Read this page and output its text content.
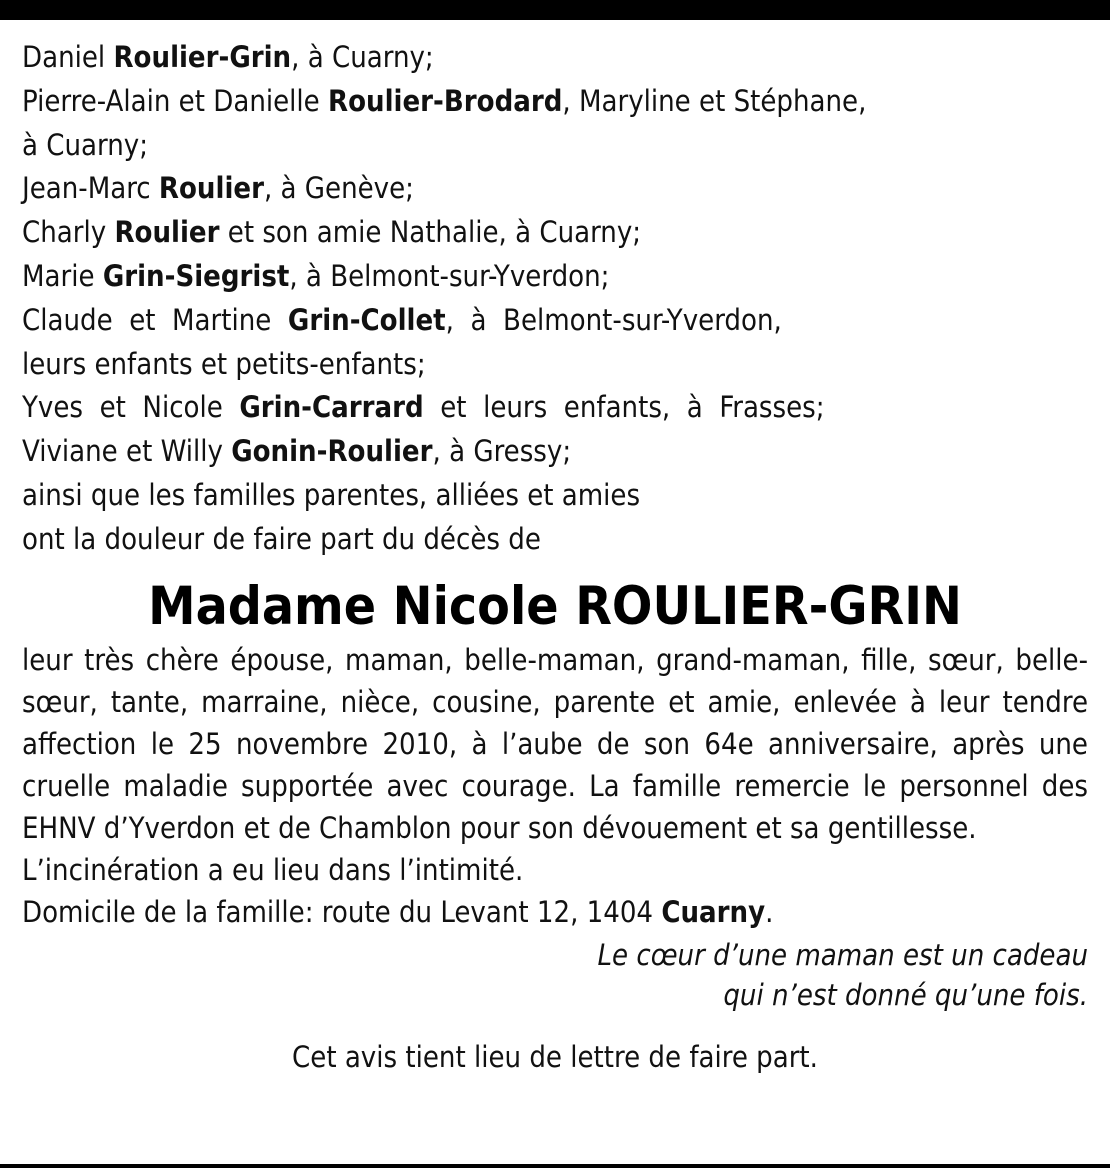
Daniel Roulier-Grin, à Cuarny;
Pierre-Alain et Danielle Roulier-Brodard, Maryline et Stéphane,
à Cuarny;
Jean-Marc Roulier, à Genève;
Charly Roulier et son amie Nathalie, à Cuarny;
Marie Grin-Siegrist, à Belmont-sur-Yverdon;
Claude  et  Martine  Grin-Collet,  à  Belmont-sur-Yverdon,
leurs enfants et petits-enfants;
Yves  et  Nicole  Grin-Carrard  et  leurs  enfants,  à  Frasses;
Viviane et Willy Gonin-Roulier, à Gressy;
ainsi que les familles parentes, alliées et amies
ont la douleur de faire part du décès de
Madame Nicole ROULIER-GRIN
leur très chère épouse, maman, belle-maman, grand-maman, fille, sœur, belle-sœur, tante, marraine, nièce, cousine, parente et amie, enlevée à leur tendre affection le 25 novembre 2010, à l’aube de son 64e anniversaire, après une cruelle maladie supportée avec courage. La famille remercie le personnel des EHNV d’Yverdon et de Chamblon pour son dévouement et sa gentillesse.
L’incinération a eu lieu dans l’intimité.
Domicile de la famille: route du Levant 12, 1404 Cuarny.
Le cœur d’une maman est un cadeau
qui n’est donné qu’une fois.
Cet avis tient lieu de lettre de faire part.
